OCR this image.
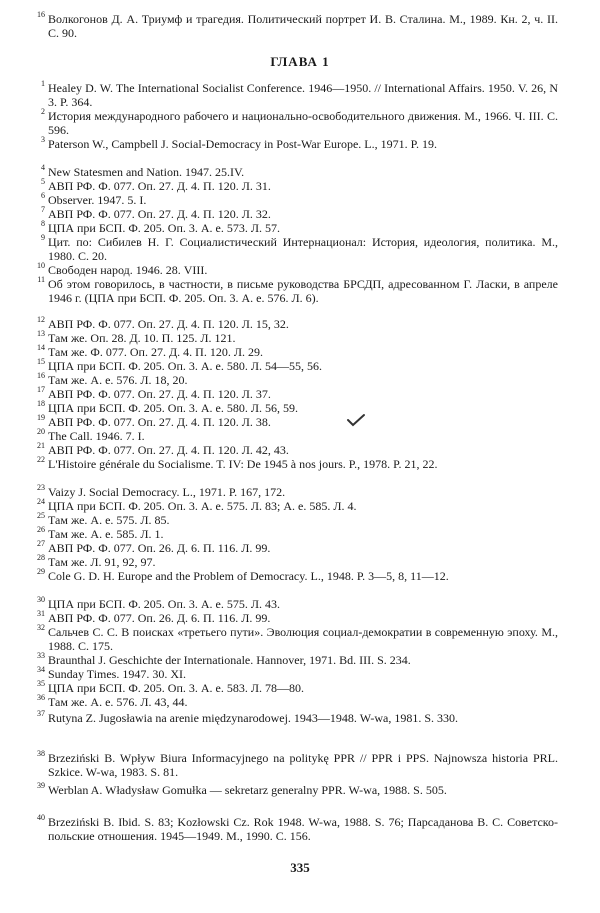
16 Волкогонов Д. А. Триумф и трагедия. Политический портрет И. В. Сталина. М., 1989. Кн. 2, ч. II. С. 90.
ГЛАВА 1
1 Healey D. W. The International Socialist Conference. 1946—1950. // International Affairs. 1950. V. 26, N 3. P. 364.
2 История международного рабочего и национально-освободительного движения. М., 1966. Ч. III. С. 596.
3 Paterson W., Campbell J. Social-Democracy in Post-War Europe. L., 1971. P. 19.
4 New Statesmen and Nation. 1947. 25.IV.
5 АВП РФ. Ф. 077. Оп. 27. Д. 4. П. 120. Л. 31.
6 Observer. 1947. 5. I.
7 АВП РФ. Ф. 077. Оп. 27. Д. 4. П. 120. Л. 32.
8 ЦПА при БСП. Ф. 205. Оп. 3. А. е. 573. Л. 57.
9 Цит. по: Сибилев Н. Г. Социалистический Интернационал: История, идеология, политика. М., 1980. С. 20.
10 Свободен народ. 1946. 28. VIII.
11 Об этом говорилось, в частности, в письме руководства БРСДП, адресованном Г. Ласки, в апреле 1946 г. (ЦПА при БСП. Ф. 205. Оп. 3. А. е. 576. Л. 6).
12 АВП РФ. Ф. 077. Оп. 27. Д. 4. П. 120. Л. 15, 32.
13 Там же. Оп. 28. Д. 10. П. 125. Л. 121.
14 Там же. Ф. 077. Оп. 27. Д. 4. П. 120. Л. 29.
15 ЦПА при БСП. Ф. 205. Оп. 3. А. е. 580. Л. 54—55, 56.
16 Там же. А. е. 576. Л. 18, 20.
17 АВП РФ. Ф. 077. Оп. 27. Д. 4. П. 120. Л. 37.
18 ЦПА при БСП. Ф. 205. Оп. 3. А. е. 580. Л. 56, 59.
19 АВП РФ. Ф. 077. Оп. 27. Д. 4. П. 120. Л. 38.
20 The Call. 1946. 7. I.
21 АВП РФ. Ф. 077. Оп. 27. Д. 4. П. 120. Л. 42, 43.
22 L'Histoire générale du Socialisme. T. IV: De 1945 à nos jours. P., 1978. P. 21, 22.
23 Vaizy J. Social Democracy. L., 1971. P. 167, 172.
24 ЦПА при БСП. Ф. 205. Оп. 3. А. е. 575. Л. 83; А. е. 585. Л. 4.
25 Там же. А. е. 575. Л. 85.
26 Там же. А. е. 585. Л. 1.
27 АВП РФ. Ф. 077. Оп. 26. Д. 6. П. 116. Л. 99.
28 Там же. Л. 91, 92, 97.
29 Cole G. D. H. Europe and the Problem of Democracy. L., 1948. P. 3—5, 8, 11—12.
30 ЦПА при БСП. Ф. 205. Оп. 3. А. е. 575. Л. 43.
31 АВП РФ. Ф. 077. Оп. 26. Д. 6. П. 116. Л. 99.
32 Сальчев С. С. В поисках «третьего пути». Эволюция социал-демократии в современную эпоху. М., 1988. С. 175.
33 Braunthal J. Geschichte der Internationale. Hannover, 1971. Bd. III. S. 234.
34 Sunday Times. 1947. 30. XI.
35 ЦПА при БСП. Ф. 205. Оп. 3. А. е. 583. Л. 78—80.
36 Там же. А. е. 576. Л. 43, 44.
37 Rutyna Z. Jugosławia na arenie międzynarodowej. 1943—1948. W-wa, 1981. S. 330.
38 Brzeziński B. Wpływ Biura Informacyjnego na politykę PPR // PPR i PPS. Najnowsza historia PRL. Szkice. W-wa, 1983. S. 81.
39 Werblan A. Władysław Gomułka — sekretarz generalny PPR. W-wa, 1988. S. 505.
40 Brzeziński B. Ibid. S. 83; Kozłowski Cz. Rok 1948. W-wa, 1988. S. 76; Парсаданова В. С. Советско-польские отношения. 1945—1949. М., 1990. С. 156.
335
